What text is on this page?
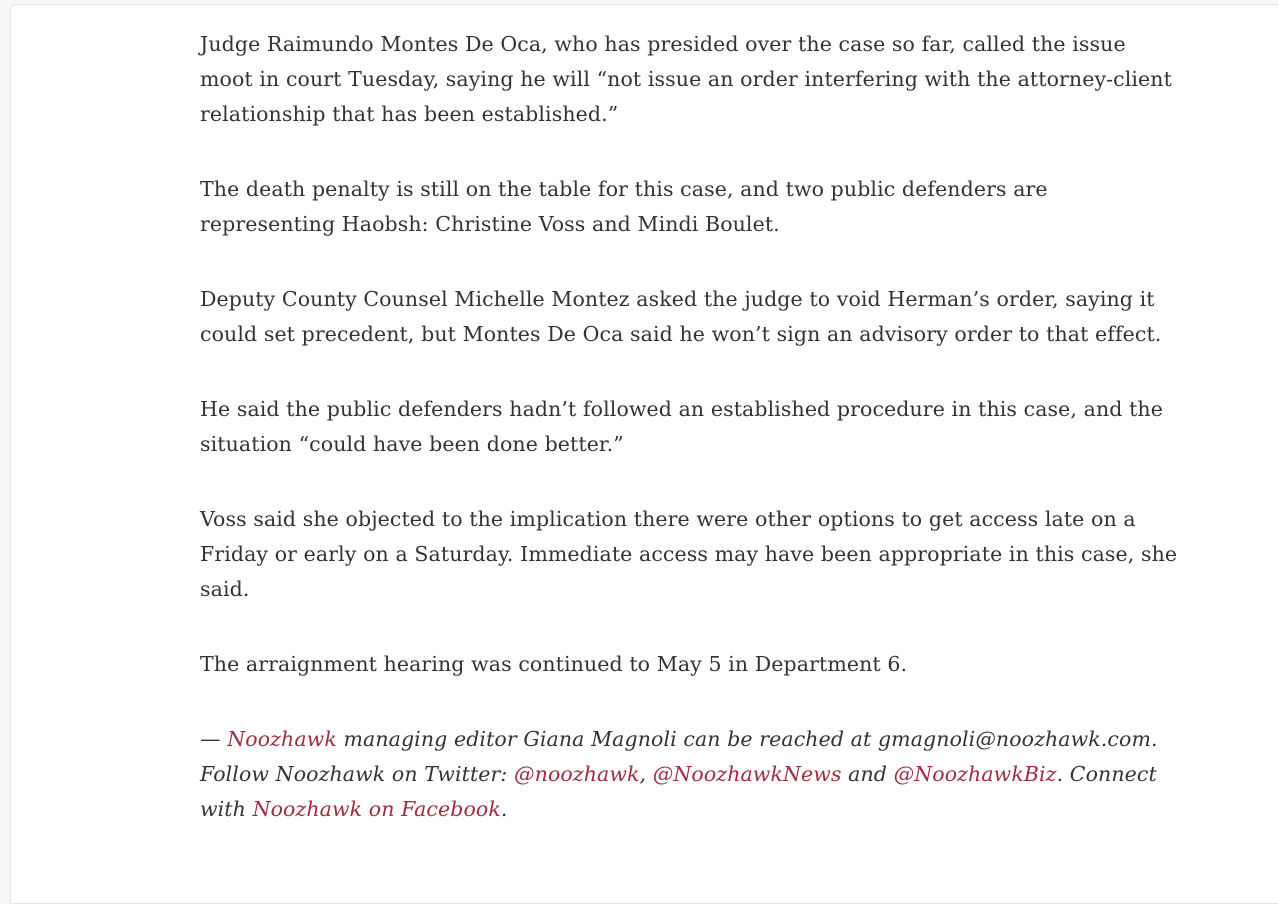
Judge Raimundo Montes De Oca, who has presided over the case so far, called the issue moot in court Tuesday, saying he will “not issue an order interfering with the attorney-client relationship that has been established.”

The death penalty is still on the table for this case, and two public defenders are representing Haobsh: Christine Voss and Mindi Boulet.

Deputy County Counsel Michelle Montez asked the judge to void Herman’s order, saying it could set precedent, but Montes De Oca said he won’t sign an advisory order to that effect.

He said the public defenders hadn’t followed an established procedure in this case, and the situation “could have been done better.”

Voss said she objected to the implication there were other options to get access late on a Friday or early on a Saturday. Immediate access may have been appropriate in this case, she said.

The arraignment hearing was continued to May 5 in Department 6.

— Noozhawk managing editor Giana Magnoli can be reached at gmagnoli@noozhawk.com. Follow Noozhawk on Twitter: @noozhawk, @NoozhawkNews and @NoozhawkBiz. Connect with Noozhawk on Facebook.
